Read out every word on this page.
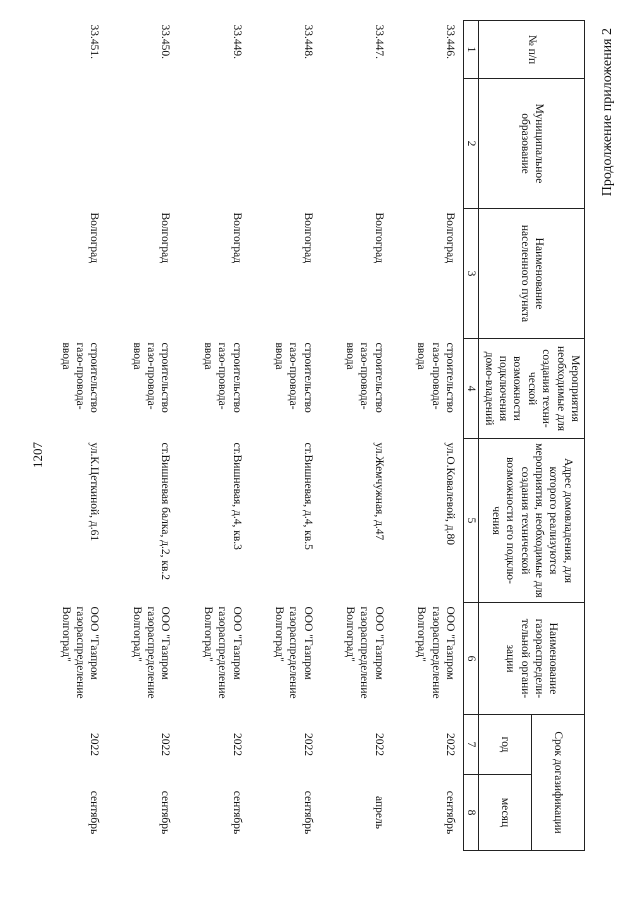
Продолжение приложения 2
1207
№ п/п	Муниципальное образование	Наименование населенного пункта	Мероприятия необходимые для создания техни-ческой возможности подключения домо-владений	Адрес домовладения, для которого реализуются мероприятия, необходимые для создания технической возможности его подклю-чения	Наименование газораспредели-тельной органи-зации	Срок догазификации	
						год	месяц
1	2	3	4	5	6	7	8
33.446.		Волгоград	строительство газо-провода-ввода	ул.О.Ковалевой, д.80	ООО "Газпром газораспределение Волгоград"	2022	сентябрь
33.447.		Волгоград	строительство газо-провода-ввода	ул.Жемчужная, д.47	ООО "Газпром газораспределение Волгоград"	2022	апрель
33.448.		Волгоград	строительство газо-провода-ввода	ст.Вишневая, д.4, кв.5	ООО "Газпром газораспределение Волгоград"	2022	сентябрь
33.449.		Волгоград	строительство газо-провода-ввода	ст.Вишневая, д.4, кв.3	ООО "Газпром газораспределение Волгоград"	2022	сентябрь
33.450.		Волгоград	строительство газо-провода-ввода	ст.Вишневая балка, д.2, кв.2	ООО "Газпром газораспределение Волгоград"	2022	сентябрь
33.451.		Волгоград	строительство газо-провода-ввода	ул.К.Цеткиной, д.61	ООО "Газпром газораспределение Волгоград"	2022	сентябрь
